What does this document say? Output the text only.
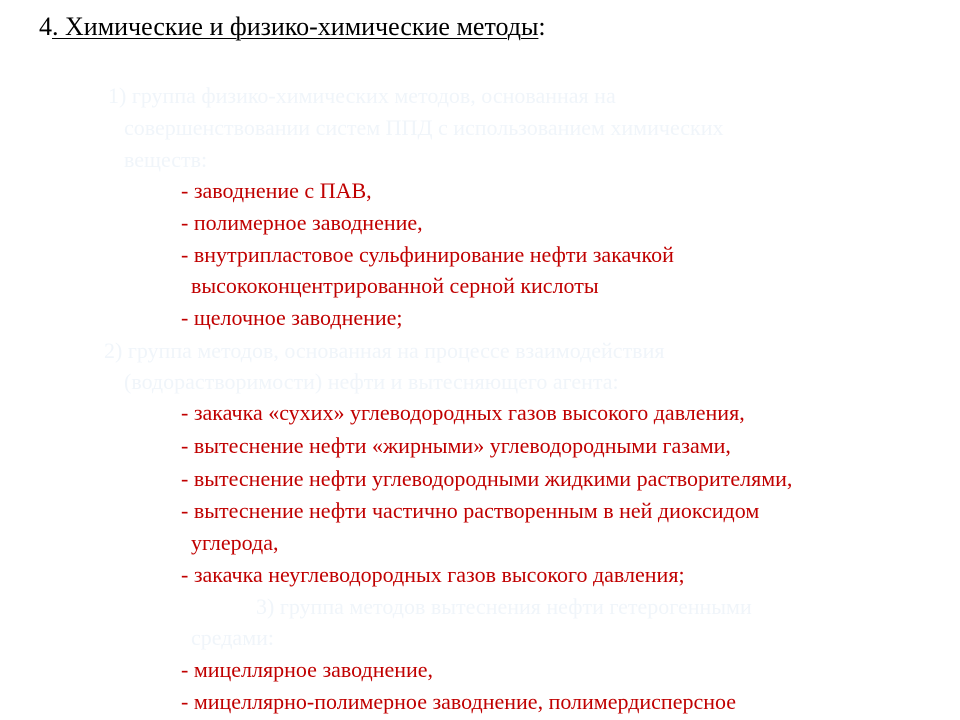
4. Химические и физико-химические методы:
1) группа физико-химических методов, основанная на
совершенствовании систем ППД с использованием химических
веществ:
- заводнение с ПАВ,
- полимерное заводнение,
- внутрипластовое сульфинирование нефти закачкой
высококонцентрированной серной кислоты
- щелочное заводнение;
2) группа методов, основанная на процессе взаимодействия
(водорастворимости) нефти и вытесняющего агента:
- закачка «сухих» углеводородных газов высокого давления,
- вытеснение нефти «жирными» углеводородными газами,
- вытеснение нефти углеводородными жидкими растворителями,
- вытеснение нефти частично растворенным в ней диоксидом
углерода,
- закачка неуглеводородных газов высокого давления;
3) группа методов вытеснения нефти гетерогенными
средами:
- мицеллярное заводнение,
- мицеллярно-полимерное заводнение, полимердисперсное
